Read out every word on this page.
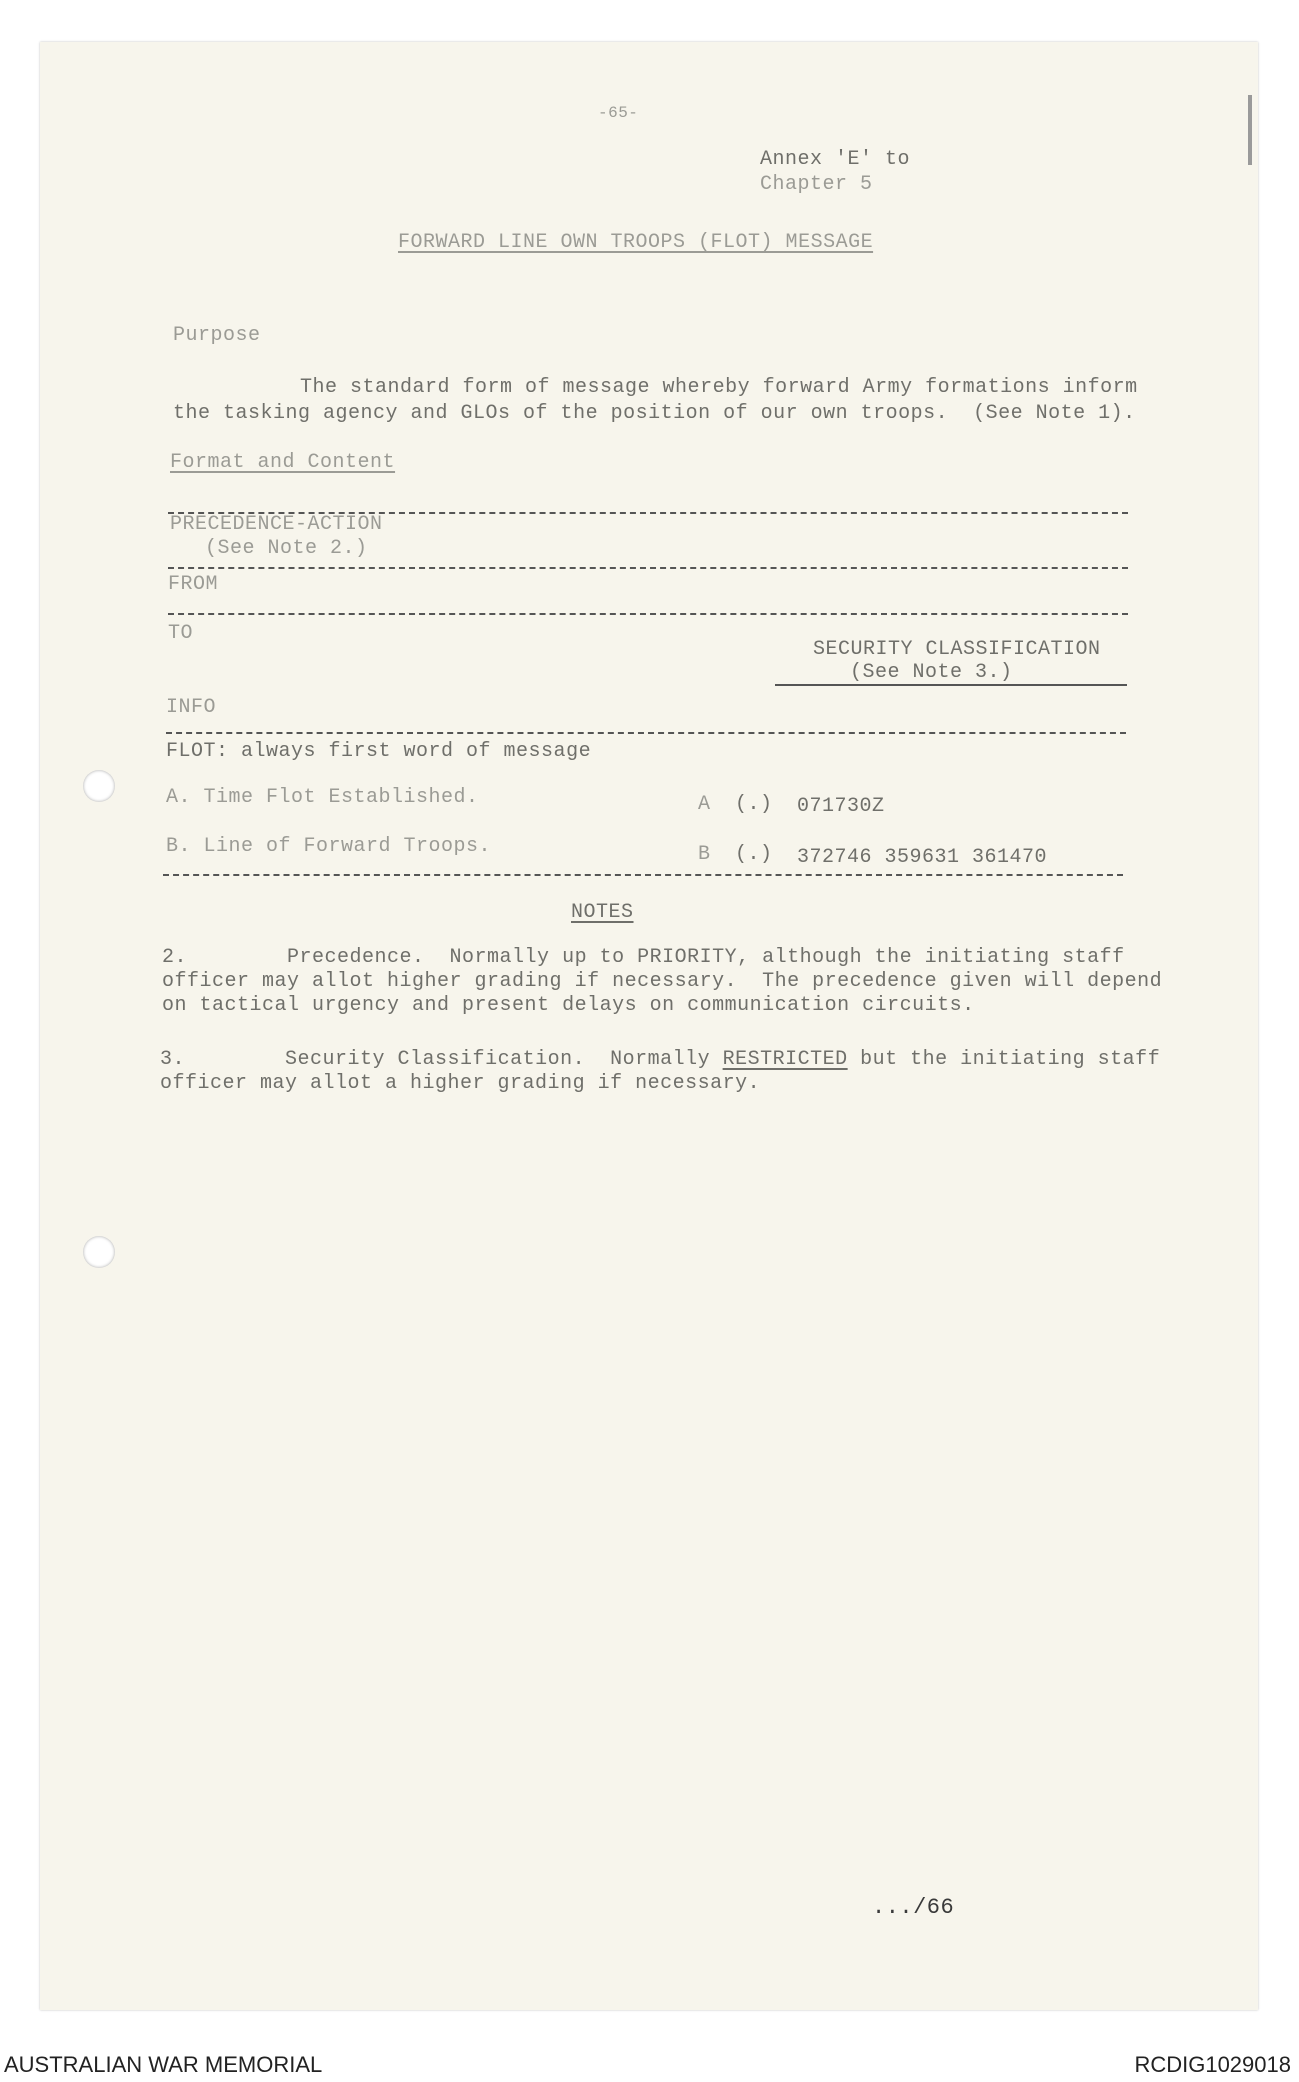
-65-
Annex 'E' to
Chapter 5
FORWARD LINE OWN TROOPS (FLOT) MESSAGE
Purpose
The standard form of message whereby forward Army formations inform
the tasking agency and GLOs of the position of our own troops.  (See Note 1).
Format and Content
PRECEDENCE-ACTION
(See Note 2.)
FROM
TO
SECURITY CLASSIFICATION
(See Note 3.)
INFO
FLOT: always first word of message
A. Time Flot Established.	A (.) 071730Z
B. Line of Forward Troops.	B (.) 372746 359631 361470
NOTES
2.        Precedence.  Normally up to PRIORITY, although the initiating staff
officer may allot higher grading if necessary.  The precedence given will depend
on tactical urgency and present delays on communication circuits.
3.	Security Classification.  Normally RESTRICTED but the initiating staff
officer may allot a higher grading if necessary.
.../66
AUSTRALIAN WAR MEMORIAL	RCDIG1029018
